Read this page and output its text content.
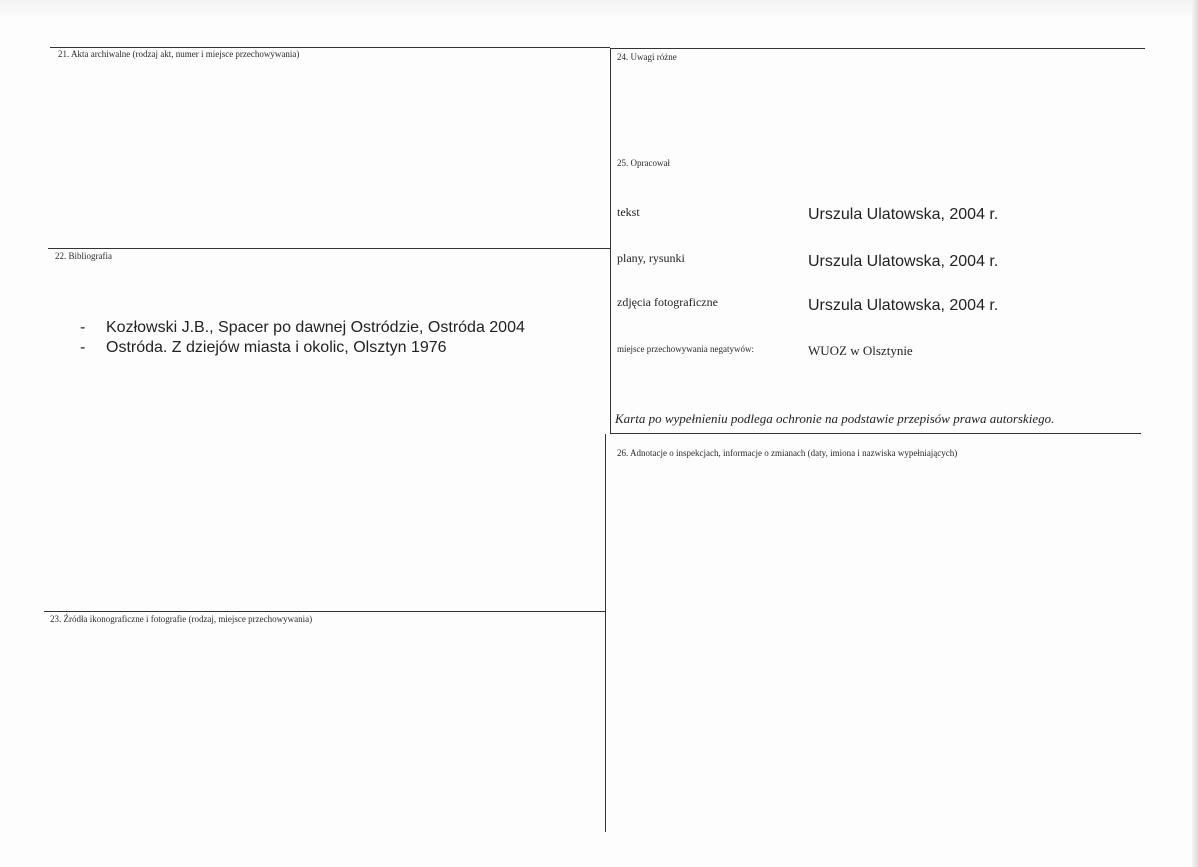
21. Akta archiwalne (rodzaj akt, numer i miejsce przechowywania)
22. Bibliografia
- Kozłowski J.B., Spacer po dawnej Ostródzie, Ostróda 2004
- Ostróda. Z dziejów miasta i okolic, Olsztyn 1976
23. Źródła ikonograficzne i fotografie (rodzaj, miejsce przechowywania)
24. Uwagi różne
25. Opracował
tekst	Urszula Ulatowska, 2004 r.
plany, rysunki	Urszula Ulatowska, 2004 r.
zdjęcia fotograficzne	Urszula Ulatowska, 2004 r.
miejsce przechowywania negatywów:	WUOZ w Olsztynie
Karta po wypełnieniu podlega ochronie na podstawie przepisów prawa autorskiego.
26. Adnotacje o inspekcjach, informacje o zmianach (daty, imiona i nazwiska wypełniających)
